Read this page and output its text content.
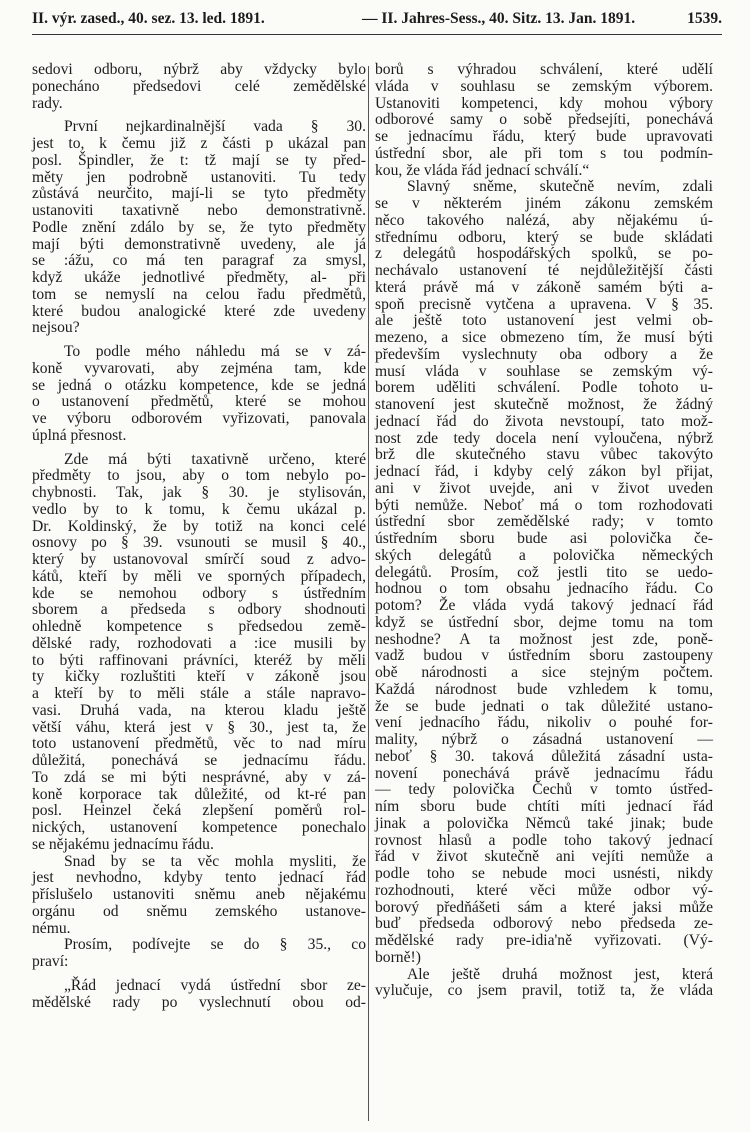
II. výr. zased., 40. sez. 13. led. 1891.	— II. Jahres-Sess., 40. Sitz. 13. Jan. 1891.	1539.
sedovi odboru, nýbrž aby vždycky bylo
ponecháno předsedovi celé zemědělské
rady.
První nejkardinalnější vada § 30.
jest to, k čemu již z části p ukázal pan
posl. Špindler, že t: tž mají se ty před-
měty jen podrobně ustanoviti. Tu tedy
zůstává neurčito, mají-li se tyto předměty
ustanoviti taxativně nebo demonstrativně.
Podle znění zdálo by se, že tyto předměty
mají býti demonstrativně uvedeny, ale já
se :ážu, co má ten paragraf za smysl,
když ukáže jednotlivé předměty, al- při
tom se nemyslí na celou řadu předmětů,
které budou analogické které zde uvedeny
nejsou?
To podle mého náhledu má se v zá-
koně vyvarovati, aby zejména tam, kde
se jedná o otázku kompetence, kde se jedná
o ustanovení předmětů, které se mohou
ve výboru odborovém vyřizovati, panovala
úplná přesnost.
Zde má býti taxativně určeno, které
předměty to jsou, aby o tom nebylo po-
chybnosti. Tak, jak § 30. je stylisován,
vedlo by to k tomu, k čemu ukázal p.
Dr. Koldinský, že by totiž na konci celé
osnovy po § 39. vsunouti se musil § 40.,
který by ustanovoval smírčí soud z advo-
kátů, kteří by měli ve sporných případech,
kde se nemohou odbory s ústředním
sborem a předseda s odbory shodnouti
ohledně kompetence s předsedou země-
dělské rady, rozhodovati a :ice musili by
to býti raffinovani právníci, kteréž by měli
ty kičky rozluštiti kteří v zákoně jsou
a kteří by to měli stále a stále napravo-
vasi. Druhá vada, na kterou kladu ještě
větší váhu, která jest v § 30., jest ta, že
toto ustanovení předmětů, věc to nad míru
důležitá, ponechává se jednacímu řádu.
To zdá se mi býti nesprávné, aby v zá-
koně korporace tak důležité, od kt-ré pan
posl. Heinzel čeká zlepšení poměrů rol-
nických, ustanovení kompetence ponechalo
se nějakému jednacímu řádu.
Snad by se ta věc mohla mysliti, že
jest nevhodno, kdyby tento jednací řád
příslušelo ustanoviti sněmu aneb nějakému
orgánu od sněmu zemského ustanove-
nému.
Prosím, podívejte se do § 35., co
praví:
„Řád jednací vydá ústřední sbor ze-
mědělské rady po vyslechnutí obou od-
borů s výhradou schválení, které udělí
vláda v souhlasu se zemským výborem.
Ustanoviti kompetenci, kdy mohou výbory
odborové samy o sobě předsejíti, ponechává
se jednacímu řádu, který bude upravovati
ústřední sbor, ale při tom s tou podmín-
kou, že vláda řád jednací schválí.“
Slavný sněme, skutečně nevím, zdali
se v některém jiném zákonu zemském
něco takového nalézá, aby nějakému ú-
střednímu odboru, který se bude skládati
z delegátů hospodářských spolků, se po-
nechávalo ustanovení té nejdůležitější části
která právě má v zákoně samém býti a-
spoň precisně vytčena a upravena. V § 35.
ale ještě toto ustanovení jest velmi ob-
mezeno, a sice obmezeno tím, že musí býti
především vyslechnuty oba odbory a že
musí vláda v souhlase se zemským vý-
borem uděliti schválení. Podle tohoto u-
stanovení jest skutečně možnost, že žádný
jednací řád do života nevstoupí, tato mož-
nost zde tedy docela není vyloučena, nýbrž
brž dle skutečného stavu vůbec takovýto
jednací řád, i kdyby celý zákon byl přijat,
ani v život uvejde, ani v život uveden
býti nemůže. Neboť má o tom rozhodovati
ústřední sbor zemědělské rady; v tomto
ústředním sboru bude asi polovička če-
ských delegátů a polovička německých
delegátů. Prosím, což jestli tito se uedo-
hodnou o tom obsahu jednacího řádu. Co
potom? Že vláda vydá takový jednací řád
když se ústřední sbor, dejme tomu na tom
neshodne? A ta možnost jest zde, poně-
vadž budou v ústředním sboru zastoupeny
obě národnosti a sice stejným počtem.
Každá národnost bude vzhledem k tomu,
že se bude jednati o tak důležité ustano-
vení jednacího řádu, nikoliv o pouhé for-
mality, nýbrž o zásadná ustanovení —
neboť § 30. taková důležitá zásadní usta-
novení ponechává právě jednacímu řádu
— tedy polovička Čechů v tomto ústřed-
ním sboru bude chtíti míti jednací řád
jinak a polovička Němců také jinak; bude
rovnost hlasů a podle toho takový jednací
řád v život skutečně ani vejíti nemůže a
podle toho se nebude moci usnésti, nikdy
rozhodnouti, které věci může odbor vý-
borový předňášeti sám a které jaksi může
buď předseda odborový nebo předseda ze-
mědělské rady pre-idia'ně vyřizovati. (Vý-
borně!)
Ale ještě druhá možnost jest, která
vylučuje, co jsem pravil, totiž ta, že vláda
